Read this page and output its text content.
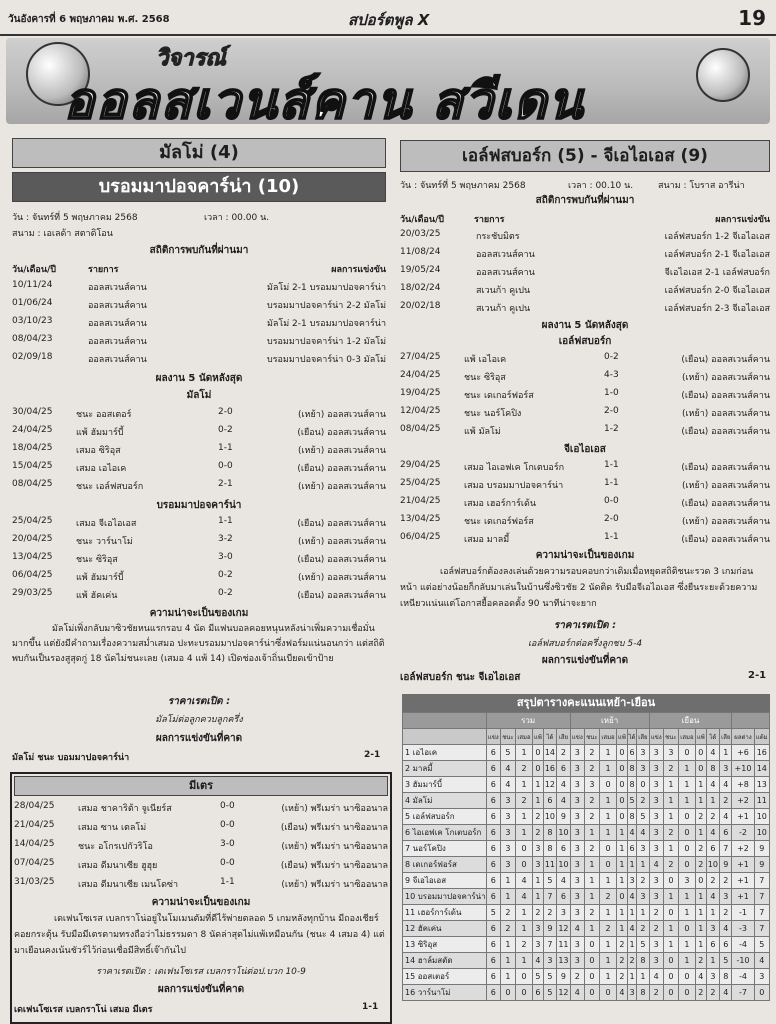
วันอังคารที่ 6 พฤษภาคม พ.ศ. 2568	สปอร์ตพูล X	19
วิจารณ์
ออลสเวนส์คาน สวีเดน
มัลโม่ (4)
บรอมมาปอจคาร์น่า (10)
วัน : จันทร์ที่ 5 พฤษภาคม 2568	เวลา : 00.00 น.
สนาม : เอเลด้า สตาดิโอน
สถิติการพบกันที่ผ่านมา
วัน/เดือน/ปี	รายการ	ผลการแข่งขัน
10/11/24	ออลสเวนส์คาน	มัลโม่ 2-1 บรอมมาปอจคาร์น่า
01/06/24	ออลสเวนส์คาน	บรอมมาปอจคาร์น่า 2-2 มัลโม่
03/10/23	ออลสเวนส์คาน	มัลโม่ 2-1 บรอมมาปอจคาร์น่า
08/04/23	ออลสเวนส์คาน	บรอมมาปอจคาร์น่า 1-2 มัลโม่
02/09/18	ออลสเวนส์คาน	บรอมมาปอจคาร์น่า 0-3 มัลโม่
ผลงาน 5 นัดหลังสุด
มัลโม่
30/04/25	ชนะ ออสเตอร์	2-0	(เหย้า) ออลสเวนส์คาน
24/04/25	แพ้ ฮัมมาร์บี้	0-2	(เยือน) ออลสเวนส์คาน
18/04/25	เสมอ ซิริอุส	1-1	(เหย้า) ออลสเวนส์คาน
15/04/25	เสมอ เอไอเค	0-0	(เยือน) ออลสเวนส์คาน
08/04/25	ชนะ เอล์ฟสบอร์ก	2-1	(เหย้า) ออลสเวนส์คาน
บรอมมาปอจคาร์น่า
25/04/25	เสมอ จีเอไอเอส	1-1	(เยือน) ออลสเวนส์คาน
20/04/25	ชนะ วาร์นาโม่	3-2	(เหย้า) ออลสเวนส์คาน
13/04/25	ชนะ ซิริอุส	3-0	(เยือน) ออลสเวนส์คาน
06/04/25	แพ้ ฮัมมาร์บี้	0-2	(เหย้า) ออลสเวนส์คาน
29/03/25	แพ้ ฮัคเค่น	0-2	(เยือน) ออลสเวนส์คาน
ความน่าจะเป็นของเกม
มัลโม่เพิ่งกลับมาซิวชัยหนแรกรอบ 4 นัด มีแฟนบอลคอยหนุนหลังน่าเพิ่มความเชื่อมั่นมากขึ้น แต่ยังมีคำถามเรื่องความสม่ำเสมอ ปะทะบรอมมาปอจคาร์น่าซึ่งฟอร์มแน่นอนกว่า แต่สถิติพบกันเป็นรองสูสุดกู่ 18 นัดไม่ชนะเลย (เสมอ 4 แพ้ 14) เปิดช่องเจ้าถิ่นเบียดเข้าป้าย
ราคาเรตเปิด :
มัลโม่ต่อลูกควบลูกครึ่ง
ผลการแข่งขันที่คาด
มัลโม่ ชนะ บอมมาปอจคาร์น่า	2-1
มีเตร
28/04/25	เสมอ ชาคาริต้า จูเนียร์ส	0-0	(เหย้า) พรีเมร่า นาซิออนาล
21/04/25	เสมอ ซาน เตลโม่	0-0	(เยือน) พรีเมร่า นาซิออนาล
14/04/25	ชนะ อโกรเปกัวริโอ	3-0	(เหย้า) พรีเมร่า นาซิออนาล
07/04/25	เสมอ ดีมนาเซีย ฮูฮุย	0-0	(เยือน) พรีเมร่า นาซิออนาล
31/03/25	เสมอ ดีมนาเซีย เมนโดซ่า	1-1	(เหย้า) พรีเมร่า นาซิออนาล
ความน่าจะเป็นของเกม
เดเฟนโซเรส เบลกราโน่อยู่ในโมเมนตัมที่ดีไร้พ่ายตลอด 5 เกมหลังทุกบ้าน มีถองเชียร์คอยกระตุ้น รับมือมีเตรตามทรงถือว่าไม่ธรรมดา 8 นัดล่าสุดไม่แพ้เหมือนกัน (ชนะ 4 เสมอ 4) แต่มาเยือนคงเน้นชัวร์ไว้ก่อนเชื่อมีสิทธิ์เจ๊ากันไป
ราคาเรตเปิด : เดเฟนโซเรส เบลกราโน่ต่อป.บวก 10-9
ผลการแข่งขันที่คาด
เดเฟนโซเรส เบลกราโน่ เสมอ มีเตร	1-1
เอล์ฟสบอร์ก (5) - จีเอไอเอส (9)
วัน : จันทร์ที่ 5 พฤษภาคม 2568	เวลา : 00.10 น.	สนาม : โบราส อารีน่า
สถิติการพบกันที่ผ่านมา
วัน/เดือน/ปี	รายการ	ผลการแข่งขัน
20/03/25	กระชับมิตร	เอล์ฟสบอร์ก 1-2 จีเอไอเอส
11/08/24	ออลสเวนส์คาน	เอล์ฟสบอร์ก 2-1 จีเอไอเอส
19/05/24	ออลสเวนส์คาน	จีเอไอเอส 2-1 เอล์ฟสบอร์ก
18/02/24	สเวนก้า คูเปน	เอล์ฟสบอร์ก 2-0 จีเอไอเอส
20/02/18	สเวนก้า คูเปน	เอล์ฟสบอร์ก 2-3 จีเอไอเอส
ผลงาน 5 นัดหลังสุด
เอล์ฟสบอร์ก
27/04/25	แพ้ เอไอเค	0-2	(เยือน) ออลสเวนส์คาน
24/04/25	ชนะ ซิริอุส	4-3	(เหย้า) ออลสเวนส์คาน
19/04/25	ชนะ เดเกอร์ฟอร์ส	1-0	(เยือน) ออลสเวนส์คาน
12/04/25	ชนะ นอร์โคปิง	2-0	(เหย้า) ออลสเวนส์คาน
08/04/25	แพ้ มัลโม่	1-2	(เยือน) ออลสเวนส์คาน
จีเอไอเอส
29/04/25	เสมอ ไอเอฟเค โกเตบอร์ก	1-1	(เยือน) ออลสเวนส์คาน
25/04/25	เสมอ บรอมมาปอจคาร์น่า	1-1	(เหย้า) ออลสเวนส์คาน
21/04/25	เสมอ เฮอร์การ์เด้น	0-0	(เยือน) ออลสเวนส์คาน
13/04/25	ชนะ เดเกอร์ฟอร์ส	2-0	(เหย้า) ออลสเวนส์คาน
06/04/25	เสมอ มาลมี้	1-1	(เยือน) ออลสเวนส์คาน
ความน่าจะเป็นของเกม
เอล์ฟสบอร์กต้องลงเล่นด้วยความรอบคอบกว่าเดิมเมื่อหยุดสถิติชนะรวด 3 เกมก่อนหน้า แต่อย่างน้อยก็กลับมาเล่นในบ้านซึ่งซิวชัย 2 นัดติด รับมือจีเอไอเอส ซึ่งยืนระยะด้วยความเหนียวแน่นแต่โอกาสยื้อคลอดตั้ง 90 นาทีน่าจะยาก
ราคาเรตเปิด :
เอล์ฟสบอร์กต่อครึ่งลูกชบ 5-4
ผลการแข่งขันที่คาด
เอล์ฟสบอร์ก ชนะ จีเอไอเอส	2-1
สรุปตารางคะแนนเหย้า-เยือน
	รวม						เหย้า						เยือน							
	แข่ง	ชนะ	เสมอ	แพ้	ได้	เสีย	แข่ง	ชนะ	เสมอ	แพ้	ได้	เสีย	แข่ง	ชนะ	เสมอ	แพ้	ได้	เสีย	ผลต่าง	แต้ม
1 เอไอเค	6	5	1	0	14	2	3	2	1	0	6	3	3	3	0	0	4	1	+6	16
2 มาลมี้	6	4	2	0	16	6	3	2	1	0	8	3	3	2	1	0	8	3	+10	14
3 ฮัมมาร์บี้	6	4	1	1	12	4	3	3	0	0	8	0	3	1	1	1	4	4	+8	13
4 มัลโม่	6	3	2	1	6	4	3	2	1	0	5	2	3	1	1	1	1	2	+2	11
5 เอล์ฟสบอร์ก	6	3	1	2	10	9	3	2	1	0	8	5	3	1	0	2	2	4	+1	10
6 ไอเอฟเค โกเตบอร์ก	6	3	1	2	8	10	3	1	1	1	4	4	3	2	0	1	4	6	-2	10
7 นอร์โคปิง	6	3	0	3	8	6	3	2	0	1	6	3	3	1	0	2	6	7	+2	9
8 เดเกอร์ฟอร์ส	6	3	0	3	11	10	3	1	0	1	1	1	4	2	0	2	10	9	+1	9
9 จีเอไอเอส	6	1	4	1	5	4	3	1	1	1	3	2	3	0	3	0	2	2	+1	7
10 บรอมมาปอจคาร์น่า	6	1	4	1	7	6	3	1	2	0	4	3	3	1	1	1	4	3	+1	7
11 เฮอร์การ์เด้น	5	2	1	2	2	3	3	2	1	1	1	1	2	0	1	1	1	2	-1	7
12 ฮัคเค่น	6	2	1	3	9	12	4	1	2	1	4	2	2	1	0	1	3	4	-3	7
13 ซิริอุส	6	1	2	3	7	11	3	0	1	2	1	5	3	1	1	1	6	6	-4	5
14 ฮาล์มสตัด	6	1	1	4	3	13	3	0	1	2	2	8	3	0	1	2	1	5	-10	4
15 ออสเตอร์	6	1	0	5	5	9	2	0	1	2	1	1	4	0	0	4	3	8	-4	3
16 วาร์นาโม่	6	0	0	6	5	12	4	0	0	4	3	8	2	0	0	2	2	4	-7	0
